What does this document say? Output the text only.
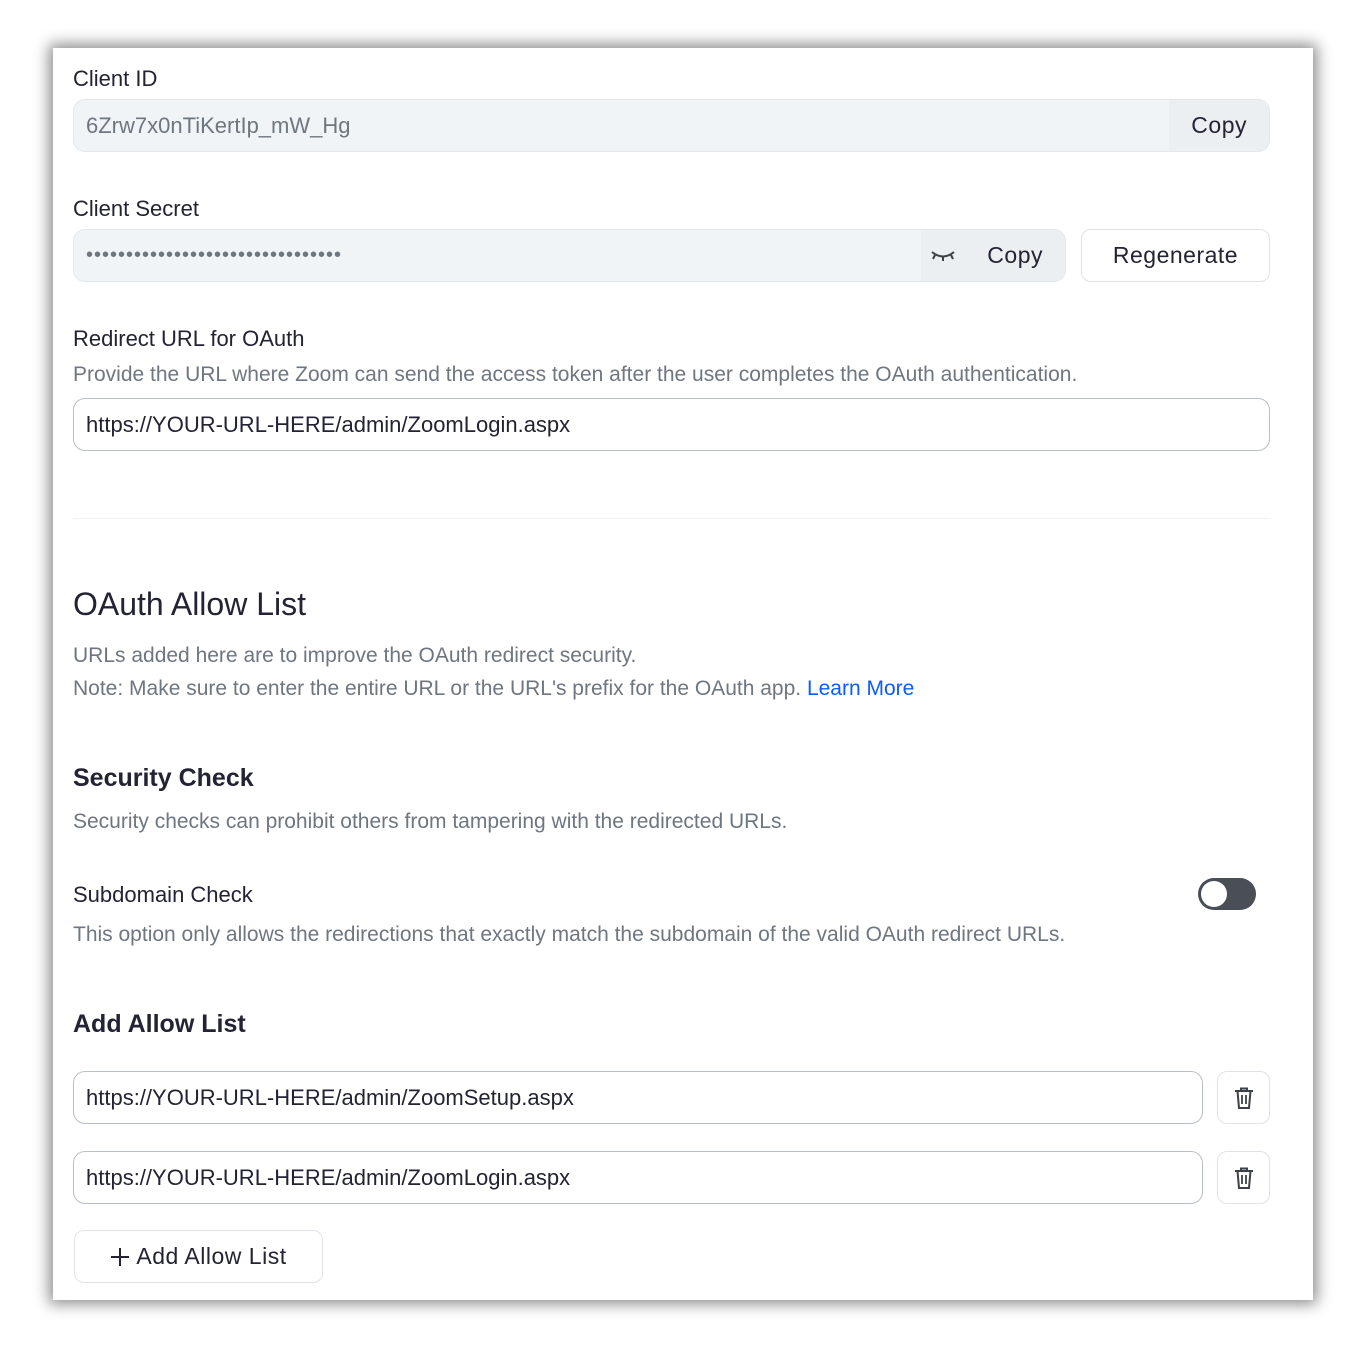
Client ID
6Zrw7x0nTiKertIp_mW_Hg	Copy
Client Secret
••••••••••••••••••••••••••••••••	Copy	Regenerate
Redirect URL for OAuth
Provide the URL where Zoom can send the access token after the user completes the OAuth authentication.
https://YOUR-URL-HERE/admin/ZoomLogin.aspx
OAuth Allow List
URLs added here are to improve the OAuth redirect security.
Note: Make sure to enter the entire URL or the URL's prefix for the OAuth app. Learn More
Security Check
Security checks can prohibit others from tampering with the redirected URLs.
Subdomain Check
This option only allows the redirections that exactly match the subdomain of the valid OAuth redirect URLs.
Add Allow List
https://YOUR-URL-HERE/admin/ZoomSetup.aspx
https://YOUR-URL-HERE/admin/ZoomLogin.aspx
Add Allow List
